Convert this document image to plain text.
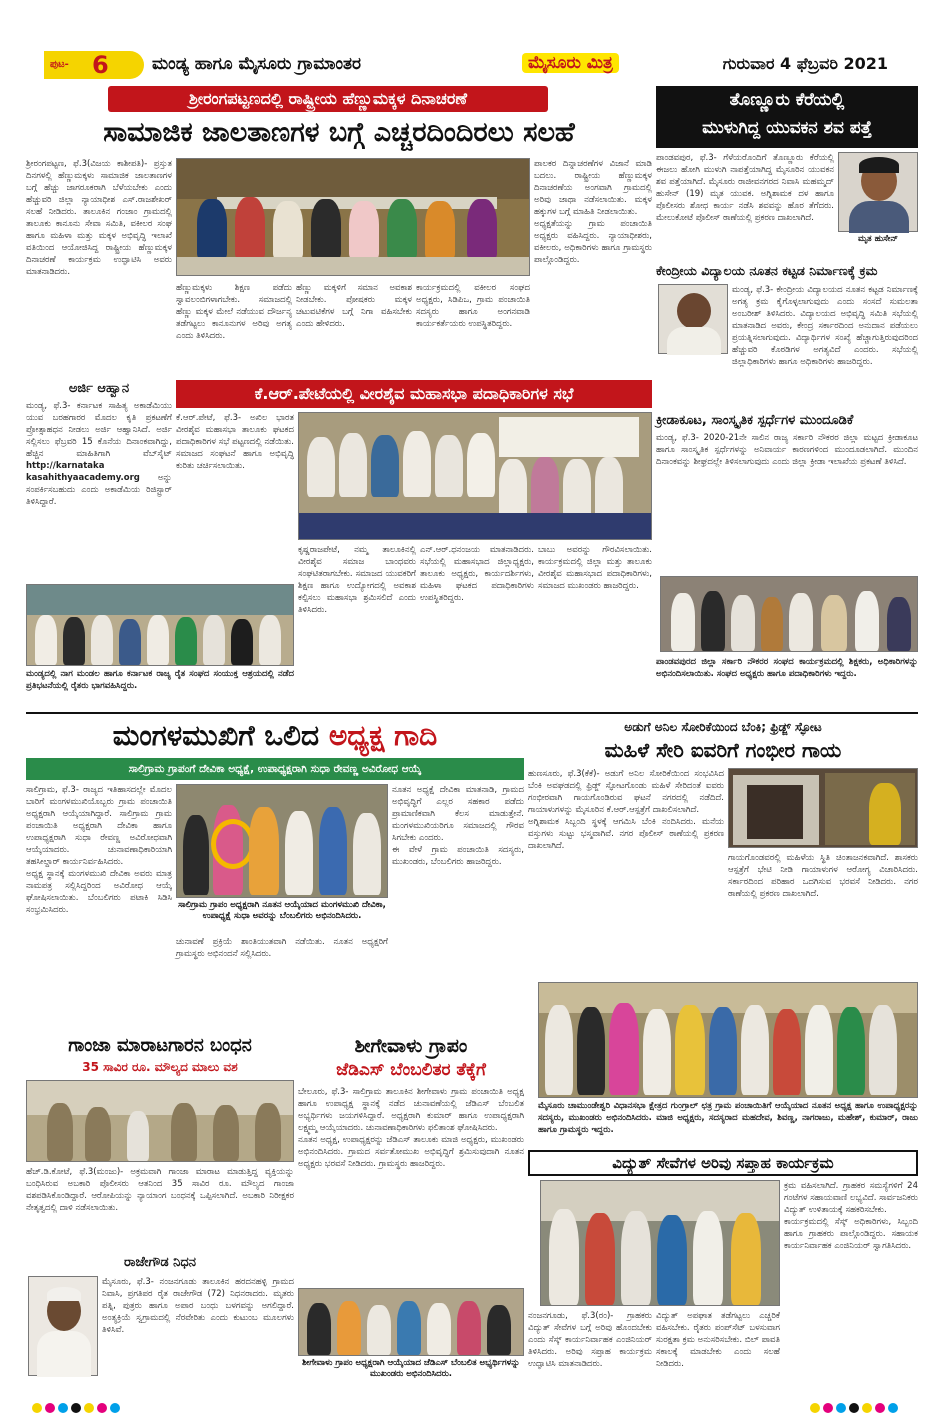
ಪುಟ- 6	ಮಂಡ್ಯ ಹಾಗೂ ಮೈಸೂರು ಗ್ರಾಮಾಂತರ	ಮೈಸೂರು ಮಿತ್ರ	ಗುರುವಾರ 4 ಫೆಬ್ರವರಿ 2021
ಶ್ರೀರಂಗಪಟ್ಟಣದಲ್ಲಿ ರಾಷ್ಟ್ರೀಯ ಹೆಣ್ಣುಮಕ್ಕಳ ದಿನಾಚರಣೆ
ಸಾಮಾಜಿಕ ಜಾಲತಾಣಗಳ ಬಗ್ಗೆ ಎಚ್ಚರದಿಂದಿರಲು ಸಲಹೆ
ಶ್ರೀರಂಗಪಟ್ಟಣ, ಫೆ.3(ವಿಜಯ ಕಾಶೀಪತಿ)- ಪ್ರಸ್ತುತ ದಿನಗಳಲ್ಲಿ ಹೆಣ್ಣುಮಕ್ಕಳು ಸಾಮಾಜಿಕ ಜಾಲತಾಣಗಳ ಬಗ್ಗೆ ಹೆಚ್ಚು ಜಾಗರೂಕರಾಗಿ ಬೆಳೆಯಬೇಕು ಎಂದು ಹೆಚ್ಚುವರಿ ಜಿಲ್ಲಾ ನ್ಯಾಯಾಧೀಶ ಎಸ್.ರಾಜಶೇಖರ್ ಸಲಹೆ ನೀಡಿದರು. ತಾಲೂಕಿನ ಗಂಜಾಂ ಗ್ರಾಮದಲ್ಲಿ ತಾಲೂಕು ಕಾನೂನು ಸೇವಾ ಸಮಿತಿ, ವಕೀಲರ ಸಂಘ ಹಾಗೂ ಮಹಿಳಾ ಮತ್ತು ಮಕ್ಕಳ ಅಭಿವೃದ್ಧಿ ಇಲಾಖೆ ವತಿಯಿಂದ ಆಯೋಜಿಸಿದ್ದ ರಾಷ್ಟ್ರೀಯ ಹೆಣ್ಣುಮಕ್ಕಳ ದಿನಾಚರಣೆ ಕಾರ್ಯಕ್ರಮ ಉದ್ಘಾಟಿಸಿ ಅವರು ಮಾತನಾಡಿದರು.
ಹೆಣ್ಣುಮಕ್ಕಳು ಶಿಕ್ಷಣ ಪಡೆದು ಸ್ವಾವಲಂಬಿಗಳಾಗಬೇಕು. ಸಮಾಜದಲ್ಲಿ ಹೆಣ್ಣು ಮಕ್ಕಳ ಮೇಲೆ ನಡೆಯುವ ದೌರ್ಜನ್ಯ ತಡೆಗಟ್ಟಲು ಕಾನೂನುಗಳ ಅರಿವು ಅಗತ್ಯ ಎಂದು ತಿಳಿಸಿದರು.
ಹೆಣ್ಣು ಮಕ್ಕಳಿಗೆ ಸಮಾನ ಅವಕಾಶ ನೀಡಬೇಕು. ಪೋಷಕರು ಮಕ್ಕಳ ಚಟುವಟಿಕೆಗಳ ಬಗ್ಗೆ ನಿಗಾ ವಹಿಸಬೇಕು ಎಂದು ಹೇಳಿದರು.
ಕಾರ್ಯಕ್ರಮದಲ್ಲಿ ವಕೀಲರ ಸಂಘದ ಅಧ್ಯಕ್ಷರು, ಸಿಡಿಪಿಒ, ಗ್ರಾಮ ಪಂಚಾಯಿತಿ ಸದಸ್ಯರು ಹಾಗೂ ಅಂಗನವಾಡಿ ಕಾರ್ಯಕರ್ತೆಯರು ಉಪಸ್ಥಿತರಿದ್ದರು.
ಪಾಲಕರ ದಿನ್ನಾಚರಣೆಗಳ ವಿಜಾನೆ ಮಾಡಿ ಬದಲು. ರಾಷ್ಟ್ರೀಯ ಹೆಣ್ಣುಮಕ್ಕಳ ದಿನಾಚರಣೆಯ ಅಂಗವಾಗಿ ಗ್ರಾಮದಲ್ಲಿ ಅರಿವು ಜಾಥಾ ನಡೆಸಲಾಯಿತು. ಮಕ್ಕಳ ಹಕ್ಕುಗಳ ಬಗ್ಗೆ ಮಾಹಿತಿ ನೀಡಲಾಯಿತು.
ಅಧ್ಯಕ್ಷತೆಯನ್ನು ಗ್ರಾಮ ಪಂಚಾಯಿತಿ ಅಧ್ಯಕ್ಷರು ವಹಿಸಿದ್ದರು. ನ್ಯಾಯಾಧೀಶರು, ವಕೀಲರು, ಅಧಿಕಾರಿಗಳು ಹಾಗೂ ಗ್ರಾಮಸ್ಥರು ಪಾಲ್ಗೊಂಡಿದ್ದರು.
ತೊಣ್ಣೂರು ಕೆರೆಯಲ್ಲಿ
ಮುಳುಗಿದ್ದ ಯುವಕನ ಶವ ಪತ್ತೆ
ಪಾಂಡವಪುರ, ಫೆ.3- ಗೆಳೆಯರೊಂದಿಗೆ ತೊಣ್ಣೂರು ಕೆರೆಯಲ್ಲಿ ಈಜಲು ಹೋಗಿ ಮುಳುಗಿ ನಾಪತ್ತೆಯಾಗಿದ್ದ ಮೈಸೂರಿನ ಯುವಕನ ಶವ ಪತ್ತೆಯಾಗಿದೆ. ಮೈಸೂರು ರಾಜೀವನಗರದ ನಿವಾಸಿ ಮಹಮ್ಮದ್ ಹುಸೇನ್ (19) ಮೃತ ಯುವಕ. ಅಗ್ನಿಶಾಮಕ ದಳ ಹಾಗೂ ಪೊಲೀಸರು ಶೋಧ ಕಾರ್ಯ ನಡೆಸಿ ಶವವನ್ನು ಹೊರ ತೆಗೆದರು. ಮೇಲುಕೋಟೆ ಪೊಲೀಸ್ ಠಾಣೆಯಲ್ಲಿ ಪ್ರಕರಣ ದಾಖಲಾಗಿದೆ.
ಮೃತ ಹುಸೇನ್
ಕೇಂದ್ರೀಯ ವಿದ್ಯಾಲಯ ನೂತನ ಕಟ್ಟಡ ನಿರ್ಮಾಣಕ್ಕೆ ಕ್ರಮ
ಮಂಡ್ಯ, ಫೆ.3- ಕೇಂದ್ರೀಯ ವಿದ್ಯಾಲಯದ ನೂತನ ಕಟ್ಟಡ ನಿರ್ಮಾಣಕ್ಕೆ ಅಗತ್ಯ ಕ್ರಮ ಕೈಗೊಳ್ಳಲಾಗುವುದು ಎಂದು ಸಂಸದೆ ಸುಮಲತಾ ಅಂಬರೀಶ್ ತಿಳಿಸಿದರು. ವಿದ್ಯಾಲಯದ ಅಭಿವೃದ್ಧಿ ಸಮಿತಿ ಸಭೆಯಲ್ಲಿ ಮಾತನಾಡಿದ ಅವರು, ಕೇಂದ್ರ ಸರ್ಕಾರದಿಂದ ಅನುದಾನ ಪಡೆಯಲು ಪ್ರಯತ್ನಿಸಲಾಗುವುದು. ವಿದ್ಯಾರ್ಥಿಗಳ ಸಂಖ್ಯೆ ಹೆಚ್ಚಾಗುತ್ತಿರುವುದರಿಂದ ಹೆಚ್ಚುವರಿ ಕೊಠಡಿಗಳ ಅಗತ್ಯವಿದೆ ಎಂದರು. ಸಭೆಯಲ್ಲಿ ಜಿಲ್ಲಾಧಿಕಾರಿಗಳು ಹಾಗೂ ಅಧಿಕಾರಿಗಳು ಹಾಜರಿದ್ದರು.
ಕ್ರೀಡಾಕೂಟ, ಸಾಂಸ್ಕೃತಿಕ ಸ್ಪರ್ಧೆಗಳ ಮುಂದೂಡಿಕೆ
ಮಂಡ್ಯ, ಫೆ.3- 2020-21ನೇ ಸಾಲಿನ ರಾಜ್ಯ ಸರ್ಕಾರಿ ನೌಕರರ ಜಿಲ್ಲಾ ಮಟ್ಟದ ಕ್ರೀಡಾಕೂಟ ಹಾಗೂ ಸಾಂಸ್ಕೃತಿಕ ಸ್ಪರ್ಧೆಗಳನ್ನು ಅನಿವಾರ್ಯ ಕಾರಣಗಳಿಂದ ಮುಂದೂಡಲಾಗಿದೆ. ಮುಂದಿನ ದಿನಾಂಕವನ್ನು ಶೀಘ್ರದಲ್ಲೇ ತಿಳಿಸಲಾಗುವುದು ಎಂದು ಜಿಲ್ಲಾ ಕ್ರೀಡಾ ಇಲಾಖೆಯ ಪ್ರಕಟಣೆ ತಿಳಿಸಿದೆ.
ಪಾಂಡವಪುರದ ಜಿಲ್ಲಾ ಸರ್ಕಾರಿ ನೌಕರರ ಸಂಘದ ಕಾರ್ಯಕ್ರಮದಲ್ಲಿ ಶಿಕ್ಷಕರು, ಅಧಿಕಾರಿಗಳನ್ನು ಅಭಿನಂದಿಸಲಾಯಿತು. ಸಂಘದ ಅಧ್ಯಕ್ಷರು ಹಾಗೂ ಪದಾಧಿಕಾರಿಗಳು ಇದ್ದರು.
ಅರ್ಜಿ ಆಹ್ವಾನ
ಮಂಡ್ಯ, ಫೆ.3- ಕರ್ನಾಟಕ ಸಾಹಿತ್ಯ ಅಕಾಡೆಮಿಯು ಯುವ ಬರಹಗಾರರ ಮೊದಲ ಕೃತಿ ಪ್ರಕಟಣೆಗೆ ಪ್ರೋತ್ಸಾಹಧನ ನೀಡಲು ಅರ್ಜಿ ಆಹ್ವಾನಿಸಿದೆ. ಅರ್ಜಿ ಸಲ್ಲಿಸಲು ಫೆಬ್ರವರಿ 15 ಕೊನೆಯ ದಿನಾಂಕವಾಗಿದ್ದು, ಹೆಚ್ಚಿನ ಮಾಹಿತಿಗಾಗಿ ವೆಬ್‌ಸೈಟ್ http://karnataka kasahithyaacademy.org ಅನ್ನು ಸಂಪರ್ಕಿಸಬಹುದು ಎಂದು ಅಕಾಡೆಮಿಯ ರಿಜಿಸ್ಟ್ರಾರ್ ತಿಳಿಸಿದ್ದಾರೆ.
ಕೆ.ಆರ್.ಪೇಟೆಯಲ್ಲಿ ವೀರಶೈವ ಮಹಾಸಭಾ ಪದಾಧಿಕಾರಿಗಳ ಸಭೆ
ಕೆ.ಆರ್.ಪೇಟೆ, ಫೆ.3- ಅಖಿಲ ಭಾರತ ವೀರಶೈವ ಮಹಾಸಭಾ ತಾಲೂಕು ಘಟಕದ ಪದಾಧಿಕಾರಿಗಳ ಸಭೆ ಪಟ್ಟಣದಲ್ಲಿ ನಡೆಯಿತು. ಸಮಾಜದ ಸಂಘಟನೆ ಹಾಗೂ ಅಭಿವೃದ್ಧಿ ಕುರಿತು ಚರ್ಚಿಸಲಾಯಿತು.
ಕೃಷ್ಣರಾಜಪೇಟೆ, ನಮ್ಮ ತಾಲೂಕಿನಲ್ಲಿ ವೀರಶೈವ ಸಮಾಜ ಬಾಂಧವರು ಸಂಘಟಿತರಾಗಬೇಕು. ಸಮಾಜದ ಯುವಕರಿಗೆ ಶಿಕ್ಷಣ ಹಾಗೂ ಉದ್ಯೋಗದಲ್ಲಿ ಅವಕಾಶ ಕಲ್ಪಿಸಲು ಮಹಾಸಭಾ ಶ್ರಮಿಸಲಿದೆ ಎಂದು ತಿಳಿಸಿದರು.
ಎನ್.ಆರ್.ಧನಂಜಯ ಮಾತನಾಡಿದರು. ಸಭೆಯಲ್ಲಿ ಮಹಾಸಭಾದ ಜಿಲ್ಲಾಧ್ಯಕ್ಷರು, ತಾಲೂಕು ಅಧ್ಯಕ್ಷರು, ಕಾರ್ಯದರ್ಶಿಗಳು, ಮಹಿಳಾ ಘಟಕದ ಪದಾಧಿಕಾರಿಗಳು ಉಪಸ್ಥಿತರಿದ್ದರು.
ಬಾಬು ಅವರನ್ನು ಗೌರವಿಸಲಾಯಿತು. ಕಾರ್ಯಕ್ರಮದಲ್ಲಿ ಜಿಲ್ಲಾ ಮತ್ತು ತಾಲೂಕು ವೀರಶೈವ ಮಹಾಸಭಾದ ಪದಾಧಿಕಾರಿಗಳು, ಸಮಾಜದ ಮುಖಂಡರು ಹಾಜರಿದ್ದರು.
ಮಂಡ್ಯದಲ್ಲಿ ನಾಗ ಮಂಡಲ ಹಾಗೂ ಕರ್ನಾಟಕ ರಾಜ್ಯ ರೈತ ಸಂಘದ ಸಂಯುಕ್ತ ಆಶ್ರಯದಲ್ಲಿ ನಡೆದ ಪ್ರತಿಭಟನೆಯಲ್ಲಿ ರೈತರು ಭಾಗವಹಿಸಿದ್ದರು.
ಮಂಗಳಮುಖಿಗೆ ಒಲಿದ ಅಧ್ಯಕ್ಷ ಗಾದಿ
ಸಾಲಿಗ್ರಾಮ ಗ್ರಾಪಂಗೆ ದೇವಿಕಾ ಅಧ್ಯಕ್ಷೆ, ಉಪಾಧ್ಯಕ್ಷರಾಗಿ ಸುಧಾ ರೇವಣ್ಣ ಅವಿರೋಧ ಆಯ್ಕೆ
ಸಾಲಿಗ್ರಾಮ, ಫೆ.3- ರಾಜ್ಯದ ಇತಿಹಾಸದಲ್ಲೇ ಮೊದಲ ಬಾರಿಗೆ ಮಂಗಳಮುಖಿಯೊಬ್ಬರು ಗ್ರಾಮ ಪಂಚಾಯಿತಿ ಅಧ್ಯಕ್ಷರಾಗಿ ಆಯ್ಕೆಯಾಗಿದ್ದಾರೆ. ಸಾಲಿಗ್ರಾಮ ಗ್ರಾಮ ಪಂಚಾಯಿತಿ ಅಧ್ಯಕ್ಷರಾಗಿ ದೇವಿಕಾ ಹಾಗೂ ಉಪಾಧ್ಯಕ್ಷರಾಗಿ ಸುಧಾ ರೇವಣ್ಣ ಅವಿರೋಧವಾಗಿ ಆಯ್ಕೆಯಾದರು. ಚುನಾವಣಾಧಿಕಾರಿಯಾಗಿ ತಹಸೀಲ್ದಾರ್ ಕಾರ್ಯನಿರ್ವಹಿಸಿದರು.
ಅಧ್ಯಕ್ಷ ಸ್ಥಾನಕ್ಕೆ ಮಂಗಳಮುಖಿ ದೇವಿಕಾ ಅವರು ಮಾತ್ರ ನಾಮಪತ್ರ ಸಲ್ಲಿಸಿದ್ದರಿಂದ ಅವಿರೋಧ ಆಯ್ಕೆ ಘೋಷಿಸಲಾಯಿತು. ಬೆಂಬಲಿಗರು ಪಟಾಕಿ ಸಿಡಿಸಿ ಸಂಭ್ರಮಿಸಿದರು.	ಸಾಲಿಗ್ರಾಮ ಗ್ರಾಪಂ ಅಧ್ಯಕ್ಷರಾಗಿ ನೂತನ ಆಯ್ಕೆಯಾದ ಮಂಗಳಮುಖಿ ದೇವಿಕಾ, ಉಪಾಧ್ಯಕ್ಷೆ ಸುಧಾ ಅವರನ್ನು ಬೆಂಬಲಿಗರು ಅಭಿನಂದಿಸಿದರು.
ಚುನಾವಣೆ ಪ್ರಕ್ರಿಯೆ ಶಾಂತಿಯುತವಾಗಿ ನಡೆಯಿತು. ನೂತನ ಅಧ್ಯಕ್ಷರಿಗೆ ಗ್ರಾಮಸ್ಥರು ಅಭಿನಂದನೆ ಸಲ್ಲಿಸಿದರು.
ನೂತನ ಅಧ್ಯಕ್ಷೆ ದೇವಿಕಾ ಮಾತನಾಡಿ, ಗ್ರಾಮದ ಅಭಿವೃದ್ಧಿಗೆ ಎಲ್ಲರ ಸಹಕಾರ ಪಡೆದು ಪ್ರಾಮಾಣಿಕವಾಗಿ ಕೆಲಸ ಮಾಡುತ್ತೇನೆ. ಮಂಗಳಮುಖಿಯರಿಗೂ ಸಮಾಜದಲ್ಲಿ ಗೌರವ ಸಿಗಬೇಕು ಎಂದರು.
ಈ ವೇಳೆ ಗ್ರಾಮ ಪಂಚಾಯಿತಿ ಸದಸ್ಯರು, ಮುಖಂಡರು, ಬೆಂಬಲಿಗರು ಹಾಜರಿದ್ದರು.
ಅಡುಗೆ ಅನಿಲ ಸೋರಿಕೆಯಿಂದ ಬೆಂಕಿ; ಫ್ರಿಡ್ಜ್ ಸ್ಫೋಟ
ಮಹಿಳೆ ಸೇರಿ ಐವರಿಗೆ ಗಂಭೀರ ಗಾಯ
ಹುಣಸೂರು, ಫೆ.3(ಕೆಕೆ)- ಅಡುಗೆ ಅನಿಲ ಸೋರಿಕೆಯಿಂದ ಸಂಭವಿಸಿದ ಬೆಂಕಿ ಅವಘಡದಲ್ಲಿ ಫ್ರಿಡ್ಜ್ ಸ್ಫೋಟಗೊಂಡು ಮಹಿಳೆ ಸೇರಿದಂತೆ ಐವರು ಗಂಭೀರವಾಗಿ ಗಾಯಗೊಂಡಿರುವ ಘಟನೆ ನಗರದಲ್ಲಿ ನಡೆದಿದೆ. ಗಾಯಾಳುಗಳನ್ನು ಮೈಸೂರಿನ ಕೆ.ಆರ್.ಆಸ್ಪತ್ರೆಗೆ ದಾಖಲಿಸಲಾಗಿದೆ.
ಅಗ್ನಿಶಾಮಕ ಸಿಬ್ಬಂದಿ ಸ್ಥಳಕ್ಕೆ ಆಗಮಿಸಿ ಬೆಂಕಿ ನಂದಿಸಿದರು. ಮನೆಯ ವಸ್ತುಗಳು ಸುಟ್ಟು ಭಸ್ಮವಾಗಿವೆ. ನಗರ ಪೊಲೀಸ್ ಠಾಣೆಯಲ್ಲಿ ಪ್ರಕರಣ ದಾಖಲಾಗಿದೆ.
ಗಾಯಗೊಂಡವರಲ್ಲಿ ಮಹಿಳೆಯ ಸ್ಥಿತಿ ಚಿಂತಾಜನಕವಾಗಿದೆ. ಶಾಸಕರು ಆಸ್ಪತ್ರೆಗೆ ಭೇಟಿ ನೀಡಿ ಗಾಯಾಳುಗಳ ಆರೋಗ್ಯ ವಿಚಾರಿಸಿದರು. ಸರ್ಕಾರದಿಂದ ಪರಿಹಾರ ಒದಗಿಸುವ ಭರವಸೆ ನೀಡಿದರು. ನಗರ ಠಾಣೆಯಲ್ಲಿ ಪ್ರಕರಣ ದಾಖಲಾಗಿದೆ.
ಮೈಸೂರು ಚಾಮುಂಡೇಶ್ವರಿ ವಿಧಾನಸಭಾ ಕ್ಷೇತ್ರದ ಗುಂಗ್ರಾಲ್ ಛತ್ರ ಗ್ರಾಮ ಪಂಚಾಯಿತಿಗೆ ಆಯ್ಕೆಯಾದ ನೂತನ ಅಧ್ಯಕ್ಷ ಹಾಗೂ ಉಪಾಧ್ಯಕ್ಷರನ್ನು ಸದಸ್ಯರು, ಮುಖಂಡರು ಅಭಿನಂದಿಸಿದರು. ಮಾಜಿ ಅಧ್ಯಕ್ಷರು, ಸದಸ್ಯರಾದ ಮಹದೇವ, ಶಿವಣ್ಣ, ನಾಗರಾಜು, ಮಹೇಶ್, ಕುಮಾರ್, ರಾಜು ಹಾಗೂ ಗ್ರಾಮಸ್ಥರು ಇದ್ದರು.
ಗಾಂಜಾ ಮಾರಾಟಗಾರನ ಬಂಧನ
35 ಸಾವಿರ ರೂ. ಮೌಲ್ಯದ ಮಾಲು ವಶ
ಹೆಚ್.ಡಿ.ಕೋಟೆ, ಫೆ.3(ಮಂಜು)- ಅಕ್ರಮವಾಗಿ ಗಾಂಜಾ ಮಾರಾಟ ಮಾಡುತ್ತಿದ್ದ ವ್ಯಕ್ತಿಯನ್ನು ಬಂಧಿಸಿರುವ ಅಬಕಾರಿ ಪೊಲೀಸರು ಆತನಿಂದ 35 ಸಾವಿರ ರೂ. ಮೌಲ್ಯದ ಗಾಂಜಾ ವಶಪಡಿಸಿಕೊಂಡಿದ್ದಾರೆ. ಆರೋಪಿಯನ್ನು ನ್ಯಾಯಾಂಗ ಬಂಧನಕ್ಕೆ ಒಪ್ಪಿಸಲಾಗಿದೆ. ಅಬಕಾರಿ ನಿರೀಕ್ಷಕರ ನೇತೃತ್ವದಲ್ಲಿ ದಾಳಿ ನಡೆಸಲಾಯಿತು.
ರಾಜೇಗೌಡ ನಿಧನ
ಮೈಸೂರು, ಫೆ.3- ನಂಜನಗೂಡು ತಾಲೂಕಿನ ಹರದನಹಳ್ಳಿ ಗ್ರಾಮದ ನಿವಾಸಿ, ಪ್ರಗತಿಪರ ರೈತ ರಾಜೇಗೌಡ (72) ನಿಧನರಾದರು. ಮೃತರು ಪತ್ನಿ, ಪುತ್ರರು ಹಾಗೂ ಅಪಾರ ಬಂಧು ಬಳಗವನ್ನು ಅಗಲಿದ್ದಾರೆ. ಅಂತ್ಯಕ್ರಿಯೆ ಸ್ವಗ್ರಾಮದಲ್ಲಿ ನೆರವೇರಿತು ಎಂದು ಕುಟುಂಬ ಮೂಲಗಳು ತಿಳಿಸಿವೆ.
ಶೀಗೇವಾಳು ಗ್ರಾಪಂ
ಜೆಡಿಎಸ್ ಬೆಂಬಲಿತರ ತೆಕ್ಕೆಗೆ
ಬೇಲೂರು, ಫೆ.3- ಸಾಲಿಗ್ರಾಮ ತಾಲೂಕಿನ ಶೀಗೇವಾಳು ಗ್ರಾಮ ಪಂಚಾಯಿತಿ ಅಧ್ಯಕ್ಷ ಹಾಗೂ ಉಪಾಧ್ಯಕ್ಷ ಸ್ಥಾನಕ್ಕೆ ನಡೆದ ಚುನಾವಣೆಯಲ್ಲಿ ಜೆಡಿಎಸ್ ಬೆಂಬಲಿತ ಅಭ್ಯರ್ಥಿಗಳು ಜಯಗಳಿಸಿದ್ದಾರೆ. ಅಧ್ಯಕ್ಷರಾಗಿ ಕುಮಾರ್ ಹಾಗೂ ಉಪಾಧ್ಯಕ್ಷರಾಗಿ ಲಕ್ಷ್ಮಮ್ಮ ಆಯ್ಕೆಯಾದರು. ಚುನಾವಣಾಧಿಕಾರಿಗಳು ಫಲಿತಾಂಶ ಘೋಷಿಸಿದರು.
ನೂತನ ಅಧ್ಯಕ್ಷ, ಉಪಾಧ್ಯಕ್ಷರನ್ನು ಜೆಡಿಎಸ್ ತಾಲೂಕು ಮಾಜಿ ಅಧ್ಯಕ್ಷರು, ಮುಖಂಡರು ಅಭಿನಂದಿಸಿದರು. ಗ್ರಾಮದ ಸರ್ವತೋಮುಖ ಅಭಿವೃದ್ಧಿಗೆ ಶ್ರಮಿಸುವುದಾಗಿ ನೂತನ ಅಧ್ಯಕ್ಷರು ಭರವಸೆ ನೀಡಿದರು. ಗ್ರಾಮಸ್ಥರು ಹಾಜರಿದ್ದರು.
ಶೀಗೇವಾಳು ಗ್ರಾಪಂ ಅಧ್ಯಕ್ಷರಾಗಿ ಆಯ್ಕೆಯಾದ ಜೆಡಿಎಸ್ ಬೆಂಬಲಿತ ಅಭ್ಯರ್ಥಿಗಳನ್ನು ಮುಖಂಡರು ಅಭಿನಂದಿಸಿದರು.
ವಿದ್ಯುತ್ ಸೇವೆಗಳ ಅರಿವು ಸಪ್ತಾಹ ಕಾರ್ಯಕ್ರಮ
ಕ್ರಮ ವಹಿಸಲಾಗಿದೆ. ಗ್ರಾಹಕರ ಸಮಸ್ಯೆಗಳಿಗೆ 24 ಗಂಟೆಗಳ ಸಹಾಯವಾಣಿ ಲಭ್ಯವಿದೆ. ಸಾರ್ವಜನಿಕರು ವಿದ್ಯುತ್ ಉಳಿತಾಯಕ್ಕೆ ಸಹಕರಿಸಬೇಕು.
ಕಾರ್ಯಕ್ರಮದಲ್ಲಿ ಸೆಸ್ಕ್ ಅಧಿಕಾರಿಗಳು, ಸಿಬ್ಬಂದಿ ಹಾಗೂ ಗ್ರಾಹಕರು ಪಾಲ್ಗೊಂಡಿದ್ದರು. ಸಹಾಯಕ ಕಾರ್ಯನಿರ್ವಾಹಕ ಎಂಜಿನಿಯರ್ ಸ್ವಾಗತಿಸಿದರು.
ನಂಜನಗೂಡು, ಫೆ.3(ರಂ)- ಗ್ರಾಹಕರು ವಿದ್ಯುತ್ ಸೇವೆಗಳ ಬಗ್ಗೆ ಅರಿವು ಹೊಂದಬೇಕು ಎಂದು ಸೆಸ್ಕ್ ಕಾರ್ಯನಿರ್ವಾಹಕ ಎಂಜಿನಿಯರ್ ತಿಳಿಸಿದರು. ಅರಿವು ಸಪ್ತಾಹ ಕಾರ್ಯಕ್ರಮ ಉದ್ಘಾಟಿಸಿ ಮಾತನಾಡಿದರು.
ವಿದ್ಯುತ್ ಅಪಘಾತ ತಡೆಗಟ್ಟಲು ಎಚ್ಚರಿಕೆ ವಹಿಸಬೇಕು. ರೈತರು ಪಂಪ್‌ಸೆಟ್ ಬಳಸುವಾಗ ಸುರಕ್ಷತಾ ಕ್ರಮ ಅನುಸರಿಸಬೇಕು. ಬಿಲ್ ಪಾವತಿ ಸಕಾಲಕ್ಕೆ ಮಾಡಬೇಕು ಎಂದು ಸಲಹೆ ನೀಡಿದರು.
